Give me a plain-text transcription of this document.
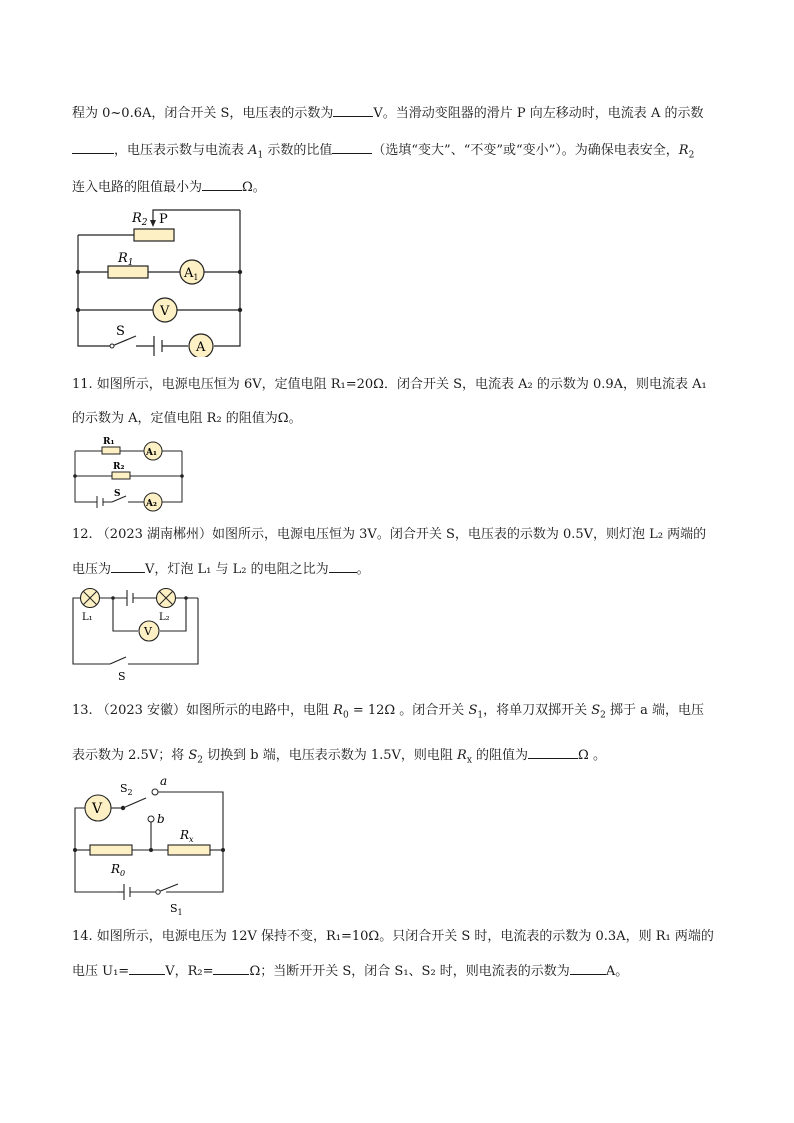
程为 0~0.6A，闭合开关 S，电压表的示数为	V。当滑动变阻器的滑片 P 向左移动时，电流表 A 的示数
，电压表示数与电流表 $A_1$ 示数的比值	（选填“变大”、“不变”或“变小”）。为确保电表安全，$R_2$
连入电路的阻值最小为	Ω。
$R_2$ P
$R_1$
$A_1$
V
S
A
11. 如图所示，电源电压恒为 6V，定值电阻 R₁=20Ω．闭合开关 S，电流表 A₂ 的示数为 0.9A，则电流表 A₁
的示数为 A，定值电阻 R₂ 的阻值为Ω。
R₁
R₂
A₁
A₂
S
12. （2023 湖南郴州）如图所示，电源电压恒为 3V。闭合开关 S，电压表的示数为 0.5V，则灯泡 L₂ 两端的
电压为	V，灯泡 L₁ 与 L₂ 的电阻之比为 。
L₁	L₂
V
S
13. （2023 安徽）如图所示的电路中，电阻 $R_0 = 12\Omega$ 。闭合开关 $S_1$，将单刀双掷开关 $S_2$ 掷于 a 端，电压
表示数为 2.5V；将 $S_2$ 切换到 b 端，电压表示数为 1.5V，则电阻 $R_x$ 的阻值为	Ω 。
V
$S_2$
a
b
$R_x$
$R_0$
$S_1$
14. 如图所示，电源电压为 12V 保持不变，R₁=10Ω。只闭合开关 S 时，电流表的示数为 0.3A，则 R₁ 两端的
电压 U₁=	V，R₂=	Ω；当断开开关 S，闭合 S₁、S₂ 时，则电流表的示数为	A。
